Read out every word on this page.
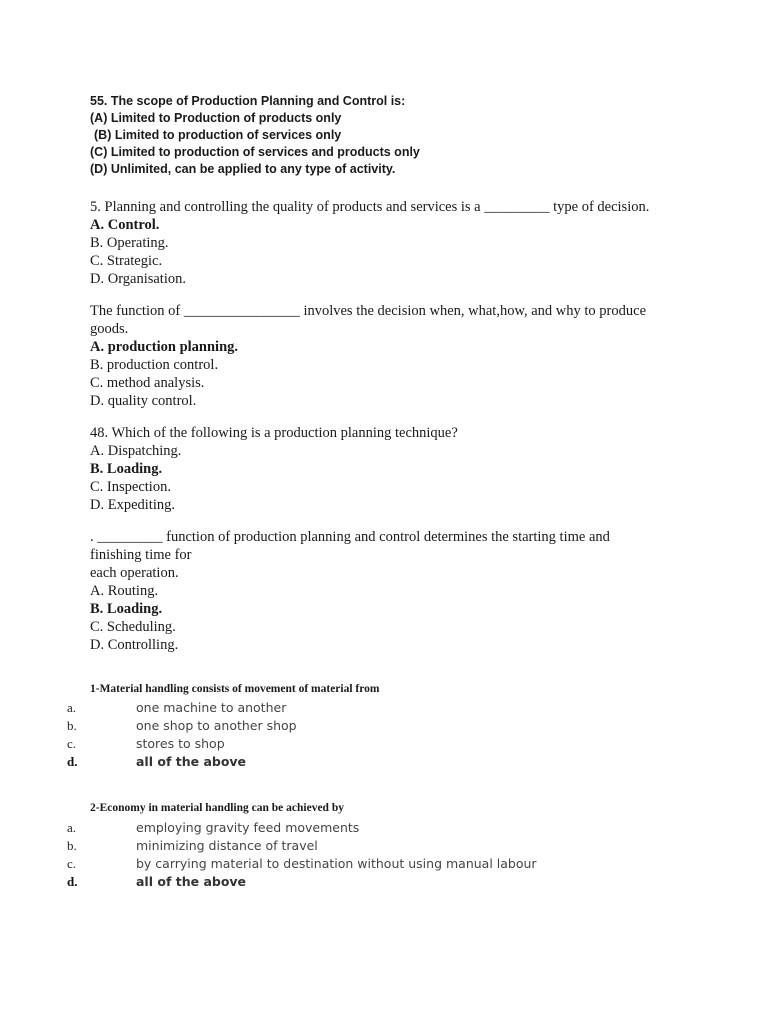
55. The scope of Production Planning and Control is:
(A) Limited to Production of products only
(B) Limited to production of services only
(C) Limited to production of services and products only
(D) Unlimited, can be applied to any type of activity.
5. Planning and controlling the quality of products and services is a _________ type of decision.
A. Control.
B. Operating.
C. Strategic.
D. Organisation.
The function of ________________ involves the decision when, what,how, and why to produce goods.
A. production planning.
B. production control.
C. method analysis.
D. quality control.
48. Which of the following is a production planning technique?
A. Dispatching.
B. Loading.
C. Inspection.
D. Expediting.
. _________ function of production planning and control determines the starting time and
finishing time for
each operation.
A. Routing.
B. Loading.
C. Scheduling.
D. Controlling.
1-Material handling consists of movement of material from
a.	one machine to another
b.	one shop to another shop
c.	stores to shop
d.	all of the above
2-Economy in material handling can be achieved by
a.	employing gravity feed movements
b.	minimizing distance of travel
c.	by carrying material to destination without using manual labour
d.	all of the above
